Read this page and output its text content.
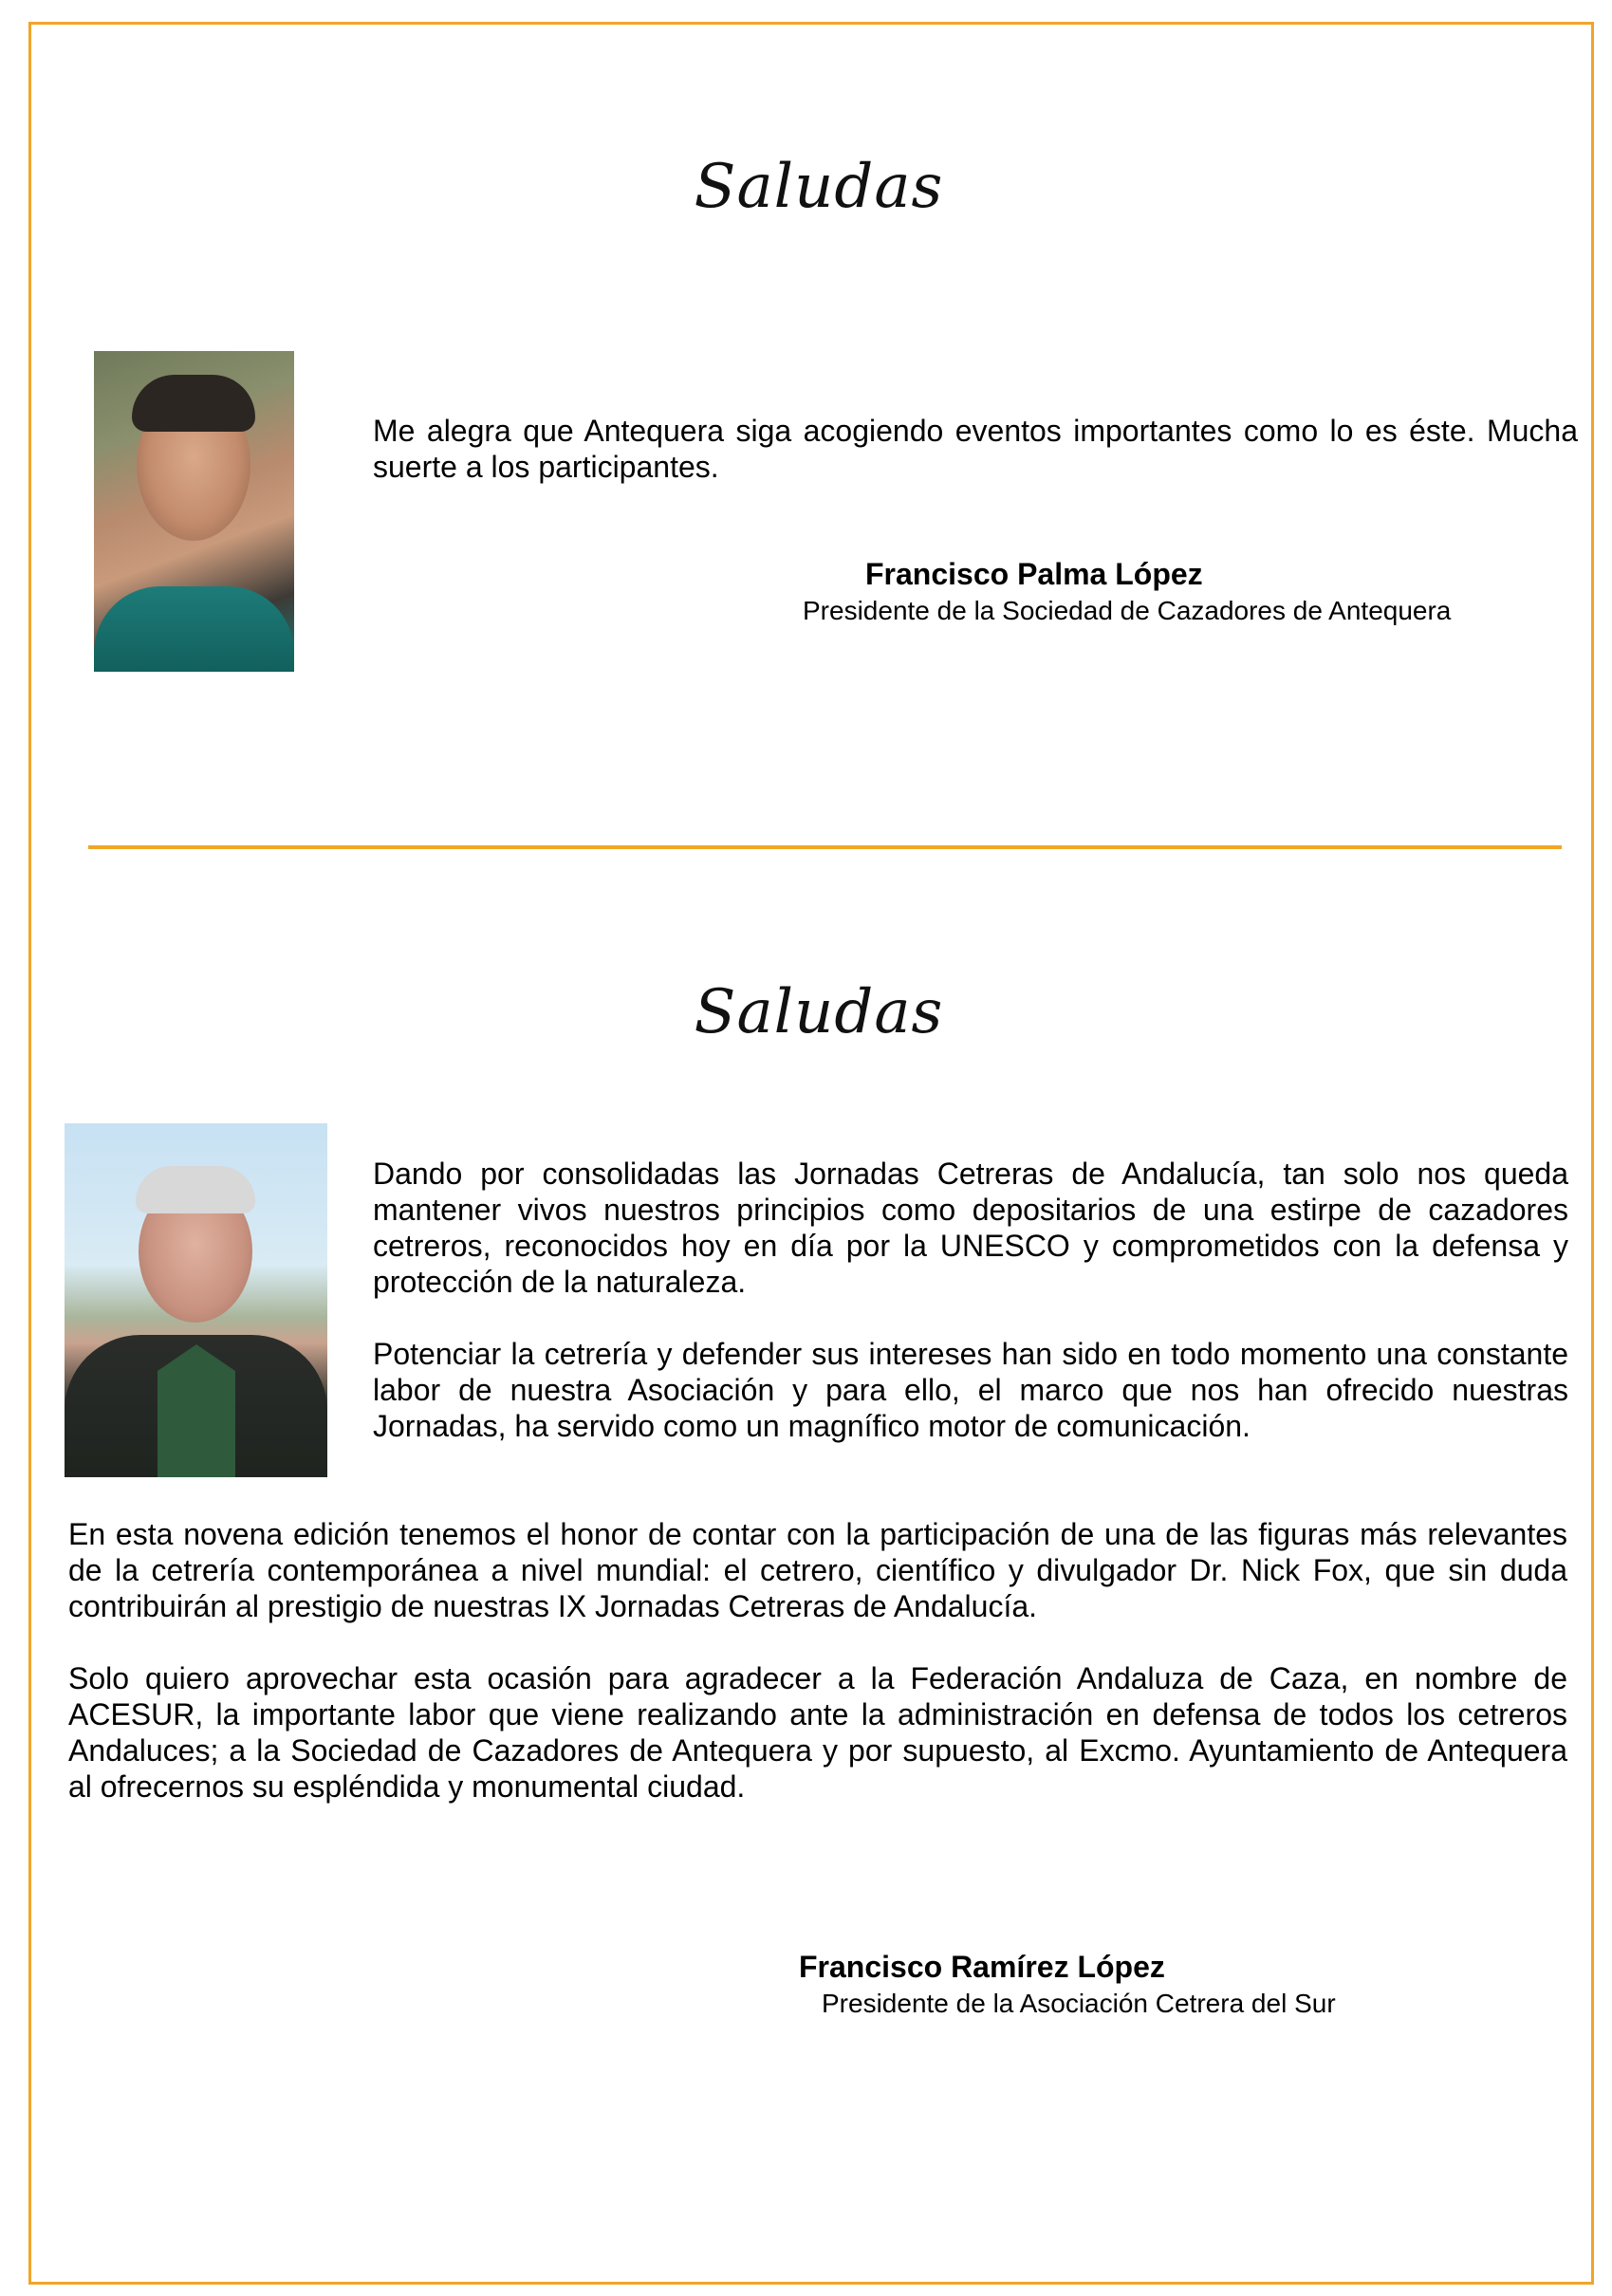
Saludas

Me alegra que Antequera siga acogiendo eventos importantes como lo es éste. Mucha suerte a los participantes.

Francisco Palma López
Presidente de la Sociedad de Cazadores de Antequera
Saludas

Dando por consolidadas las Jornadas Cetreras de Andalucía, tan solo nos queda mantener vivos nuestros principios como depositarios de una estirpe de cazadores cetreros, reconocidos hoy en día por la UNESCO y comprometidos con la defensa y protección de la naturaleza.

Potenciar la cetrería y defender sus intereses han sido en todo momento una constante labor de nuestra Asociación y para ello, el marco que nos han ofrecido nuestras Jornadas, ha servido como un magnífico motor de comunicación.

En esta novena edición tenemos el honor de contar con la participación de una de las figuras más relevantes de la cetrería contemporánea a nivel mundial: el cetrero, científico y divulgador Dr. Nick Fox, que sin duda contribuirán al prestigio de nuestras IX Jornadas Cetreras de Andalucía.

Solo quiero aprovechar esta ocasión para agradecer a la Federación Andaluza de Caza, en nombre de ACESUR, la importante labor que viene realizando ante la administración en defensa de todos los cetreros Andaluces; a la Sociedad de Cazadores de Antequera y por supuesto, al Excmo. Ayuntamiento de Antequera al ofrecernos su espléndida y monumental ciudad.

Francisco Ramírez López
Presidente de la Asociación Cetrera del Sur
